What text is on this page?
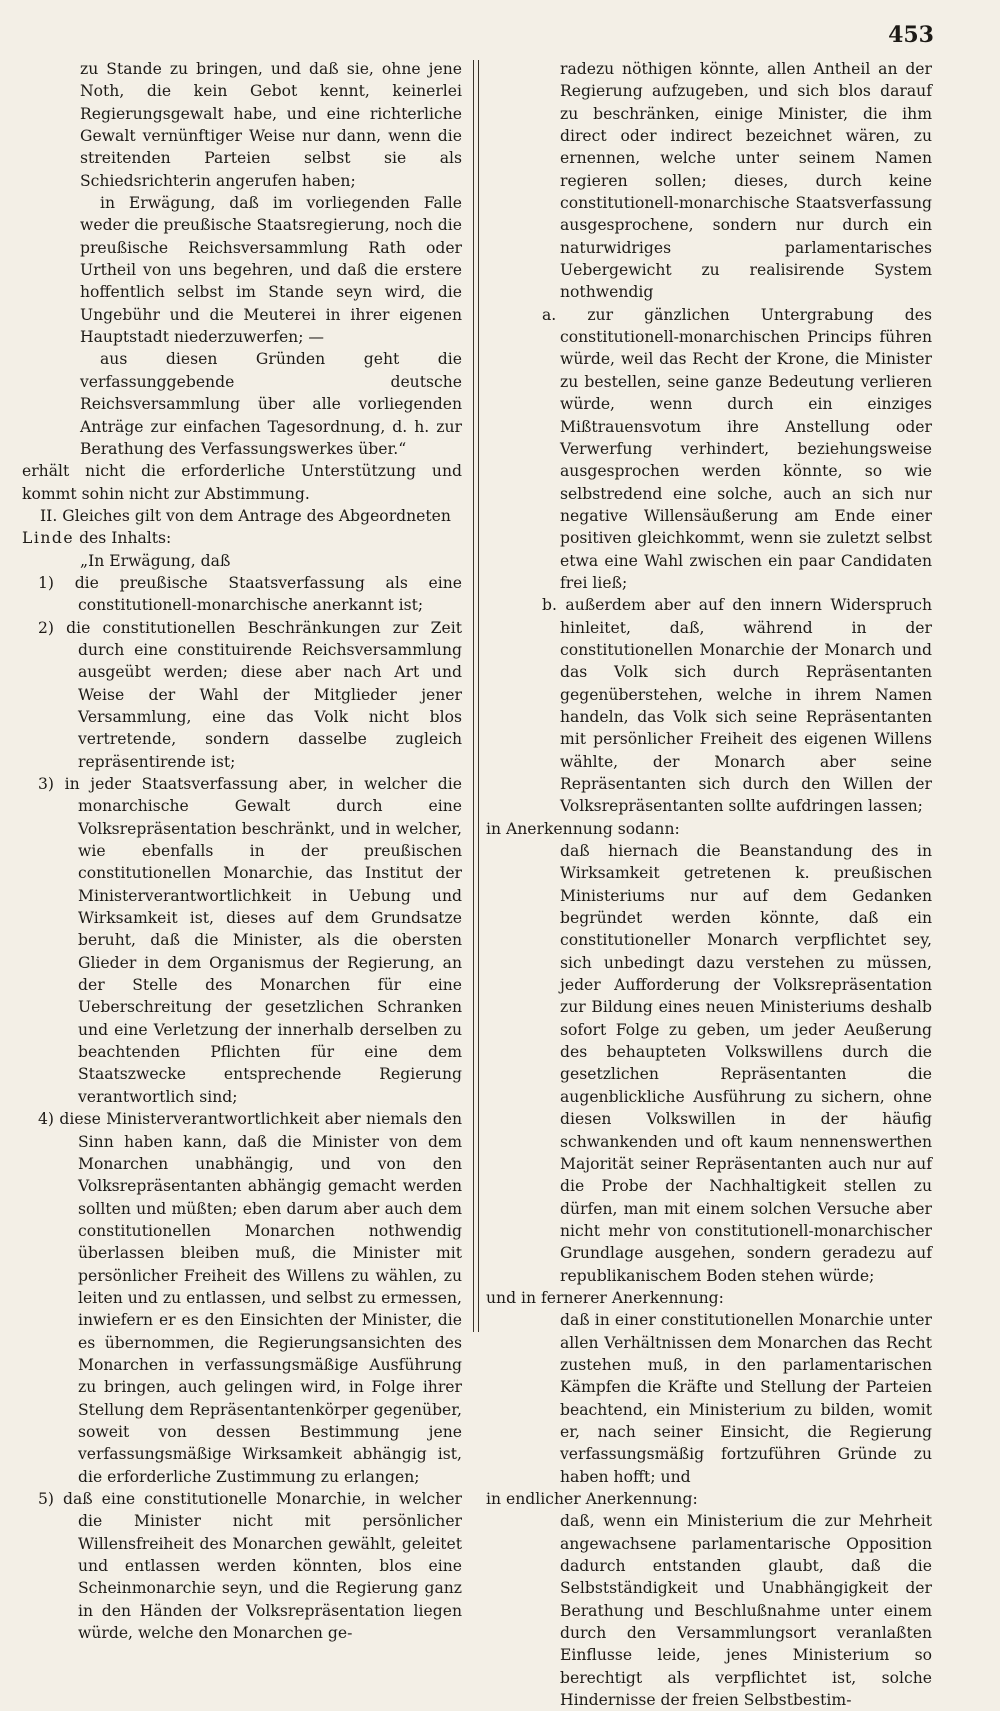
453

zu Stande zu bringen, und daß sie, ohne jene Noth, die kein Gebot kennt, keinerlei Regierungsgewalt habe, und eine richterliche Gewalt vernünftiger Weise nur dann, wenn die streitenden Parteien selbst sie als Schiedsrichterin angerufen haben;

in Erwägung, daß im vorliegenden Falle weder die preußische Staatsregierung, noch die preußische Reichsversammlung Rath oder Urtheil von uns begehren, und daß die erstere hoffentlich selbst im Stande seyn wird, die Ungebühr und die Meuterei in ihrer eigenen Hauptstadt niederzuwerfen; —

aus diesen Gründen geht die verfassunggebende deutsche Reichsversammlung über alle vorliegenden Anträge zur einfachen Tagesordnung, d. h. zur Berathung des Verfassungswerkes über.“

erhält nicht die erforderliche Unterstützung und kommt sohin nicht zur Abstimmung.

II. Gleiches gilt von dem Antrage des Abgeordneten

Linde des Inhalts:

„In Erwägung, daß

1) die preußische Staatsverfassung als eine constitutionell-monarchische anerkannt ist;

2) die constitutionellen Beschränkungen zur Zeit durch eine constituirende Reichsversammlung ausgeübt werden; diese aber nach Art und Weise der Wahl der Mitglieder jener Versammlung, eine das Volk nicht blos vertretende, sondern dasselbe zugleich repräsentirende ist;

3) in jeder Staatsverfassung aber, in welcher die monarchische Gewalt durch eine Volksrepräsentation beschränkt, und in welcher, wie ebenfalls in der preußischen constitutionellen Monarchie, das Institut der Ministerverantwortlichkeit in Uebung und Wirksamkeit ist, dieses auf dem Grundsatze beruht, daß die Minister, als die obersten Glieder in dem Organismus der Regierung, an der Stelle des Monarchen für eine Ueberschreitung der gesetzlichen Schranken und eine Verletzung der innerhalb derselben zu beachtenden Pflichten für eine dem Staatszwecke entsprechende Regierung verantwortlich sind;

4) diese Ministerverantwortlichkeit aber niemals den Sinn haben kann, daß die Minister von dem Monarchen unabhängig, und von den Volksrepräsentanten abhängig gemacht werden sollten und müßten; eben darum aber auch dem constitutionellen Monarchen nothwendig überlassen bleiben muß, die Minister mit persönlicher Freiheit des Willens zu wählen, zu leiten und zu entlassen, und selbst zu ermessen, inwiefern er es den Einsichten der Minister, die es übernommen, die Regierungsansichten des Monarchen in verfassungsmäßige Ausführung zu bringen, auch gelingen wird, in Folge ihrer Stellung dem Repräsentantenkörper gegenüber, soweit von dessen Bestimmung jene verfassungsmäßige Wirksamkeit abhängig ist, die erforderliche Zustimmung zu erlangen;

5) daß eine constitutionelle Monarchie, in welcher die Minister nicht mit persönlicher Willensfreiheit des Monarchen gewählt, geleitet und entlassen werden könnten, blos eine Scheinmonarchie seyn, und die Regierung ganz in den Händen der Volksrepräsentation liegen würde, welche den Monarchen ge-

radezu nöthigen könnte, allen Antheil an der Regierung aufzugeben, und sich blos darauf zu beschränken, einige Minister, die ihm direct oder indirect bezeichnet wären, zu ernennen, welche unter seinem Namen regieren sollen; dieses, durch keine constitutionell-monarchische Staatsverfassung ausgesprochene, sondern nur durch ein naturwidriges parlamentarisches Uebergewicht zu realisirende System nothwendig

a. zur gänzlichen Untergrabung des constitutionell-monarchischen Princips führen würde, weil das Recht der Krone, die Minister zu bestellen, seine ganze Bedeutung verlieren würde, wenn durch ein einziges Mißtrauensvotum ihre Anstellung oder Verwerfung verhindert, beziehungsweise ausgesprochen werden könnte, so wie selbstredend eine solche, auch an sich nur negative Willensäußerung am Ende einer positiven gleichkommt, wenn sie zuletzt selbst etwa eine Wahl zwischen ein paar Candidaten frei ließ;

b. außerdem aber auf den innern Widerspruch hinleitet, daß, während in der constitutionellen Monarchie der Monarch und das Volk sich durch Repräsentanten gegenüberstehen, welche in ihrem Namen handeln, das Volk sich seine Repräsentanten mit persönlicher Freiheit des eigenen Willens wählte, der Monarch aber seine Repräsentanten sich durch den Willen der Volksrepräsentanten sollte aufdringen lassen;

in Anerkennung sodann:

daß hiernach die Beanstandung des in Wirksamkeit getretenen k. preußischen Ministeriums nur auf dem Gedanken begründet werden könnte, daß ein constitutioneller Monarch verpflichtet sey, sich unbedingt dazu verstehen zu müssen, jeder Aufforderung der Volksrepräsentation zur Bildung eines neuen Ministeriums deshalb sofort Folge zu geben, um jeder Aeußerung des behaupteten Volkswillens durch die gesetzlichen Repräsentanten die augenblickliche Ausführung zu sichern, ohne diesen Volkswillen in der häufig schwankenden und oft kaum nennenswerthen Majorität seiner Repräsentanten auch nur auf die Probe der Nachhaltigkeit stellen zu dürfen, man mit einem solchen Versuche aber nicht mehr von constitutionell-monarchischer Grundlage ausgehen, sondern geradezu auf republikanischem Boden stehen würde;

und in fernerer Anerkennung:

daß in einer constitutionellen Monarchie unter allen Verhältnissen dem Monarchen das Recht zustehen muß, in den parlamentarischen Kämpfen die Kräfte und Stellung der Parteien beachtend, ein Ministerium zu bilden, womit er, nach seiner Einsicht, die Regierung verfassungsmäßig fortzuführen Gründe zu haben hofft; und

in endlicher Anerkennung:

daß, wenn ein Ministerium die zur Mehrheit angewachsene parlamentarische Opposition dadurch entstanden glaubt, daß die Selbstständigkeit und Unabhängigkeit der Berathung und Beschlußnahme unter einem durch den Versammlungsort veranlaßten Einflusse leide, jenes Ministerium so berechtigt als verpflichtet ist, solche Hindernisse der freien Selbstbestim-
